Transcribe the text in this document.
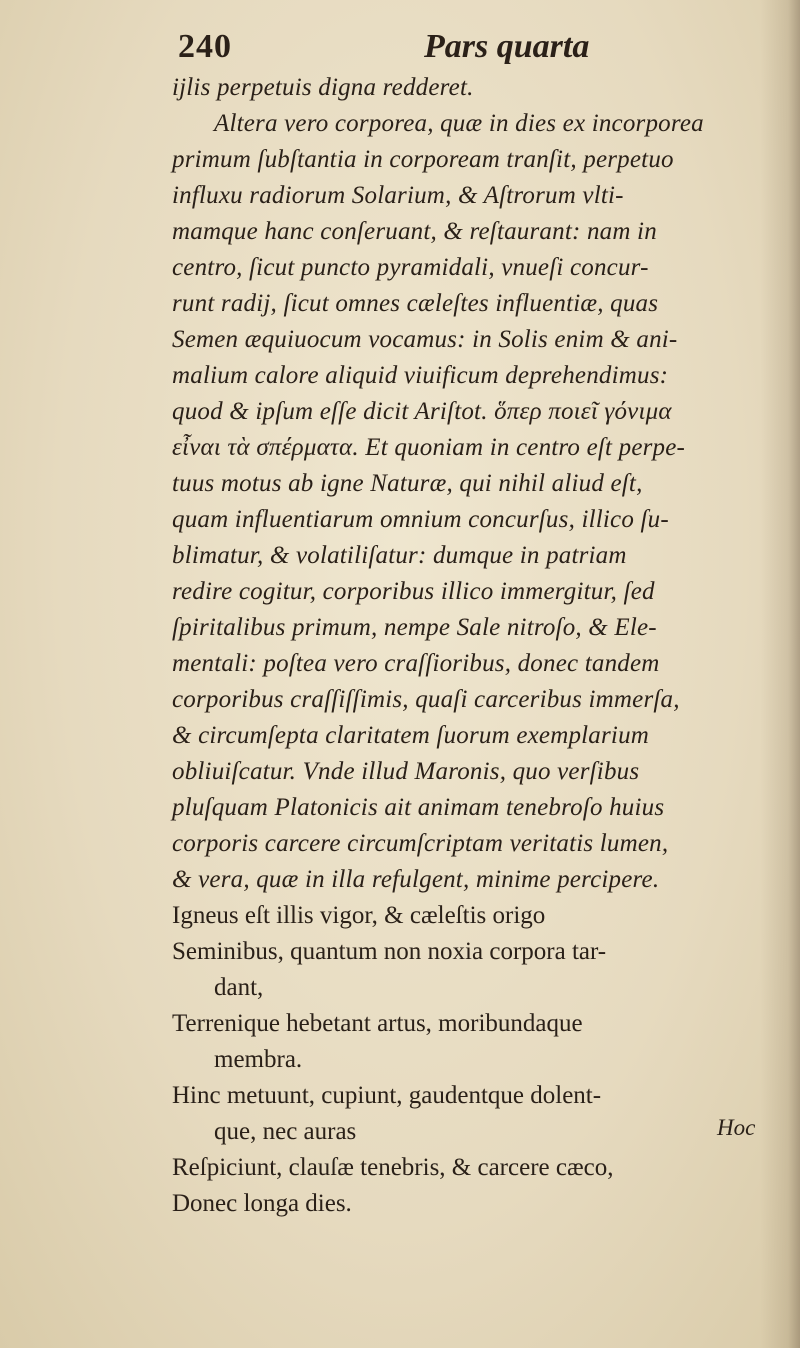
240	Pars quarta
ijlis perpetuis digna redderet.
Altera vero corporea, quæ in dies ex incorporea
primum ſubſtantia in corpoream tranſit, perpetuo
influxu radiorum Solarium, & Aſtrorum vlti-
mamque hanc conſeruant, & reſtaurant: nam in
centro, ſicut puncto pyramidali, vnueſi concur-
runt radij, ſicut omnes cæleſtes influentiæ, quas
Semen æquiuocum vocamus: in Solis enim & ani-
malium calore aliquid viuificum deprehendimus:
quod & ipſum eſſe dicit Ariſtot. ὅπερ ποιεῖ γόνιμα
εἶναι τὰ σπέρματα. Et quoniam in centro eſt perpe-
tuus motus ab igne Naturæ, qui nihil aliud eſt,
quam influentiarum omnium concurſus, illico ſu-
blimatur, & volatiliſatur: dumque in patriam
redire cogitur, corporibus illico immergitur, ſed
ſpiritalibus primum, nempe Sale nitroſo, & Ele-
mentali: poſtea vero craſſioribus, donec tandem
corporibus craſſiſſimis, quaſi carceribus immerſa,
& circumſepta claritatem ſuorum exemplarium
obliuiſcatur. Vnde illud Maronis, quo verſibus
pluſquam Platonicis ait animam tenebroſo huius
corporis carcere circumſcriptam veritatis lumen,
& vera, quæ in illa refulgent, minime percipere.
Igneus eſt illis vigor, & cæleſtis origo
Seminibus, quantum non noxia corpora tar-
dant,
Terrenique hebetant artus, moribundaque
membra.
Hinc metuunt, cupiunt, gaudentque dolent-
que, nec auras
Reſpiciunt, clauſæ tenebris, & carcere cæco,
Donec longa dies.
Hoc
